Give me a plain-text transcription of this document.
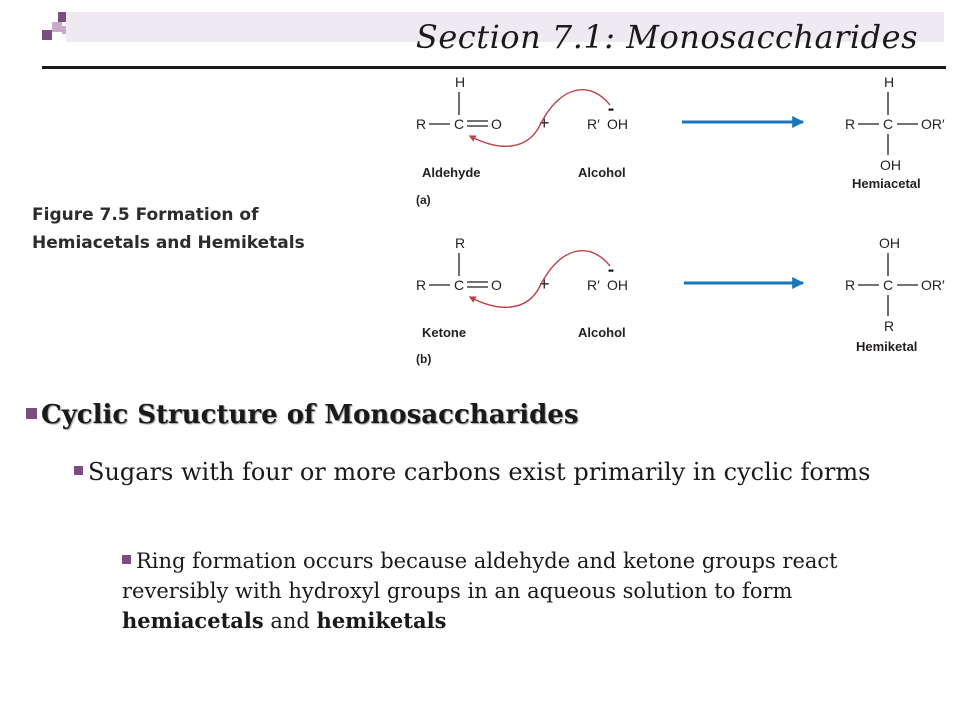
Section 7.1: Monosaccharides
Figure 7.5 Formation of
Hemiacetals and Hemiketals
H
R C O +
••
R′ OH
Aldehyde	Alcohol
(a)
H
R C OR′
OH
Hemiacetal
R
R C O +
••
R′ OH
Ketone	Alcohol
(b)
OH
R C OR′
R
Hemiketal
Cyclic Structure of Monosaccharides
Sugars with four or more carbons exist primarily in cyclic forms
Ring formation occurs because aldehyde and ketone groups react reversibly with hydroxyl groups in an aqueous solution to form hemiacetals and hemiketals
